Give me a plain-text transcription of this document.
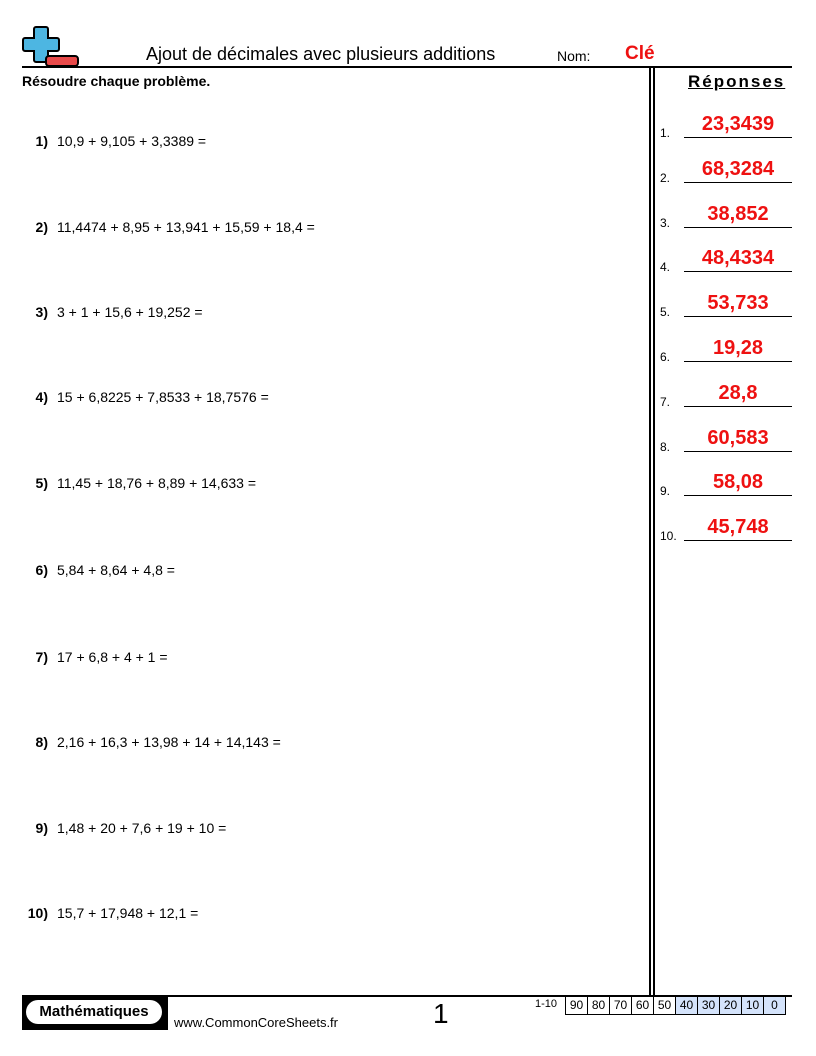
Ajout de décimales avec plusieurs additions	Nom: Clé
Résoudre chaque problème.
1) 10,9 + 9,105 + 3,3389 =
2) 11,4474 + 8,95 + 13,941 + 15,59 + 18,4 =
3) 3 + 1 + 15,6 + 19,252 =
4) 15 + 6,8225 + 7,8533 + 18,7576 =
5) 11,45 + 18,76 + 8,89 + 14,633 =
6) 5,84 + 8,64 + 4,8 =
7) 17 + 6,8 + 4 + 1 =
8) 2,16 + 16,3 + 13,98 + 14 + 14,143 =
9) 1,48 + 20 + 7,6 + 19 + 10 =
10) 15,7 + 17,948 + 12,1 =
Réponses
1.	23,3439
2.	68,3284
3.	38,852
4.	48,4334
5.	53,733
6.	19,28
7.	28,8
8.	60,583
9.	58,08
10.	45,748
Mathématiques
www.CommonCoreSheets.fr	1	1-10	90 80 70 60 50 40 30 20 10 0
